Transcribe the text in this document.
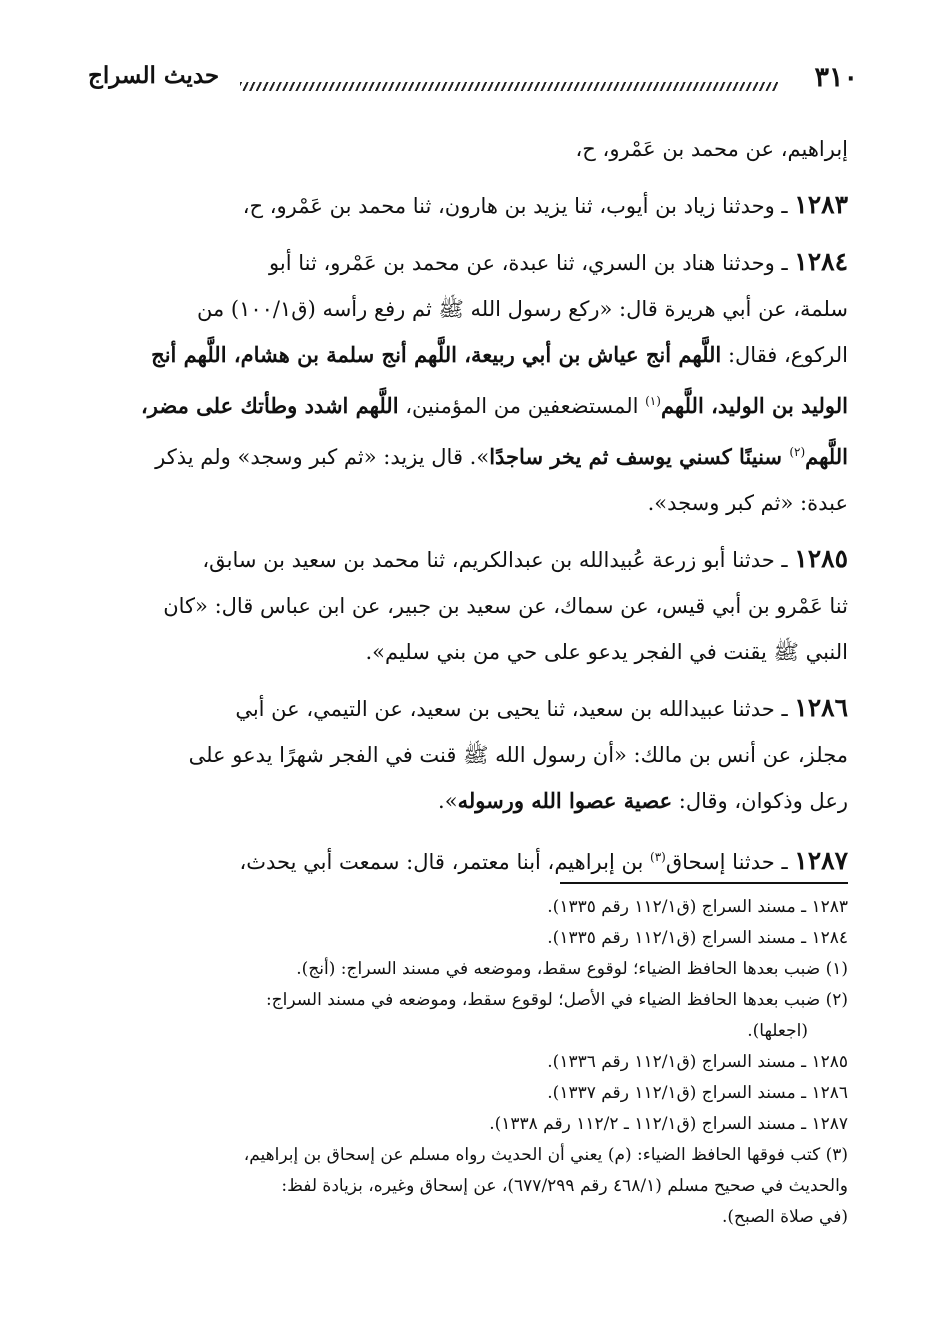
٣١٠
حديث السراج

إبراهيم، عن محمد بن عَمْرو، ح،

١٢٨٣ ـ وحدثنا زياد بن أيوب، ثنا يزيد بن هارون، ثنا محمد بن عَمْرو، ح،

١٢٨٤ ـ وحدثنا هناد بن السري، ثنا عبدة، عن محمد بن عَمْرو، ثنا أبو

سلمة، عن أبي هريرة قال: «ركع رسول الله ﷺ ثم رفع رأسه (ق١٠٠/١) من

الركوع، فقال: اللَّهم أنج عياش بن أبي ربيعة، اللَّهم أنج سلمة بن هشام، اللَّهم أنج

الوليد بن الوليد، اللَّهم$^{(١)}$ المستضعفين من المؤمنين، اللَّهم اشدد وطأتك على مضر،

اللَّهم$^{(٢)}$ سنينًا كسني يوسف ثم يخر ساجدًا». قال يزيد: «ثم كبر وسجد» ولم يذكر

عبدة: «ثم كبر وسجد».

١٢٨٥ ـ حدثنا أبو زرعة عُبيدالله بن عبدالكريم، ثنا محمد بن سعيد بن سابق،

ثنا عَمْرو بن أبي قيس، عن سماك، عن سعيد بن جبير، عن ابن عباس قال: «كان

النبي ﷺ يقنت في الفجر يدعو على حي من بني سليم».

١٢٨٦ ـ حدثنا عبيدالله بن سعيد، ثنا يحيى بن سعيد، عن التيمي، عن أبي

مجلز، عن أنس بن مالك: «أن رسول الله ﷺ قنت في الفجر شهرًا يدعو على

رعل وذكوان، وقال: عصية عصوا الله ورسوله».

١٢٨٧ ـ حدثنا إسحاق$^{(٣)}$ بن إبراهيم، أبنا معتمر، قال: سمعت أبي يحدث،

١٢٨٣ ـ مسند السراج (ق١١٢/١ رقم ١٣٣٥).

١٢٨٤ ـ مسند السراج (ق١١٢/١ رقم ١٣٣٥).

(١) ضبب بعدها الحافظ الضياء؛ لوقوع سقط، وموضعه في مسند السراج: (أنج).

(٢) ضبب بعدها الحافظ الضياء في الأصل؛ لوقوع سقط، وموضعه في مسند السراج:

(اجعلها).

١٢٨٥ ـ مسند السراج (ق١١٢/١ رقم ١٣٣٦).

١٢٨٦ ـ مسند السراج (ق١١٢/١ رقم ١٣٣٧).

١٢٨٧ ـ مسند السراج (ق١١٢/١ ـ ١١٢/٢ رقم ١٣٣٨).

(٣) كتب فوقها الحافظ الضياء: (م) يعني أن الحديث رواه مسلم عن إسحاق بن إبراهيم،

والحديث في صحيح مسلم (٤٦٨/١ رقم ٦٧٧/٢٩٩)، عن إسحاق وغيره، بزيادة لفظ:

(في صلاة الصبح).
